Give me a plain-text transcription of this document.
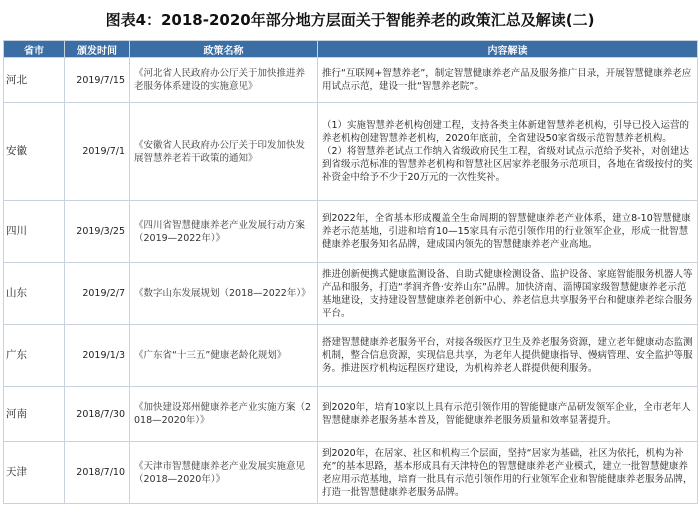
图表4：2018-2020年部分地方层面关于智能养老的政策汇总及解读(二)
省市	颁发时间	政策名称	内容解读
河北	2019/7/15	《河北省人民政府办公厅关于加快推进养老服务体系建设的实施意见》	推行“互联网+智慧养老”，制定智慧健康养老产品及服务推广目录，开展智慧健康养老应用试点示范，建设一批“智慧养老院”。

安徽	2019/7/1	《安徽省人民政府办公厅关于印发加快发展智慧养老若干政策的通知》	（1）实施智慧养老机构创建工程，支持各类主体新建智慧养老机构，引导已投入运营的养老机构创建智慧养老机构，2020年底前，全省建设50家省级示范智慧养老机构。
（2）将智慧养老试点工作纳入省级政府民生工程，省级对试点示范给予奖补，对创建达到省级示范标准的智慧养老机构和智慧社区居家养老服务示范项目，各地在省级按付的奖补资金中给予不少于20万元的一次性奖补。

四川	2019/3/25	《四川省智慧健康养老产业发展行动方案（2019—2022年）》	到2022年，全省基本形成覆盖全生命周期的智慧健康养老产业体系，建立8-10智慧健康养老示范基地，引进和培育10—15家具有示范引领作用的行业领军企业，形成一批智慧健康养老服务知名品牌，建成国内领先的智慧健康养老产业高地。

山东	2019/2/7	《数字山东发展规划（2018—2022年）》	推进创新便携式健康监测设备、自助式健康检测设备、监护设备、家庭智能服务机器人等产品和服务，打造“孝润齐鲁·安养山东”品牌。加快济南、淄博国家级智慧健康养老示范基地建设，支持建设智慧健康养老创新中心、养老信息共享服务平台和健康养老综合服务平台。

广东	2019/1/3	《广东省“十三五”健康老龄化规划》	搭建智慧健康养老服务平台，对接各级医疗卫生及养老服务资源，建立老年健康动态监测机制，整合信息资源，实现信息共享，为老年人提供健康指导、慢病管理、安全监护等服务。推进医疗机构远程医疗建设，为机构养老人群提供便利服务。

河南	2018/7/30	《加快建设郑州健康养老产业实施方案（2018—2020年）》	到2020年，培育10家以上具有示范引领作用的智能健康产品研发领军企业，全市老年人智慧健康养老服务基本普及，智能健康养老服务质量和效率显著提升。

天津	2018/7/10	《天津市智慧健康养老产业发展实施意见（2018—2020年）》	到2020年，在居家、社区和机构三个层面，坚持“居家为基础，社区为依托，机构为补充”的基本思路，基本形成具有天津特色的智慧健康养老产业模式，建立一批智慧健康养老应用示范基地，培育一批具有示范引领作用的行业领军企业和智能健康养老服务品牌，打造一批智慧健康养老服务品牌。
